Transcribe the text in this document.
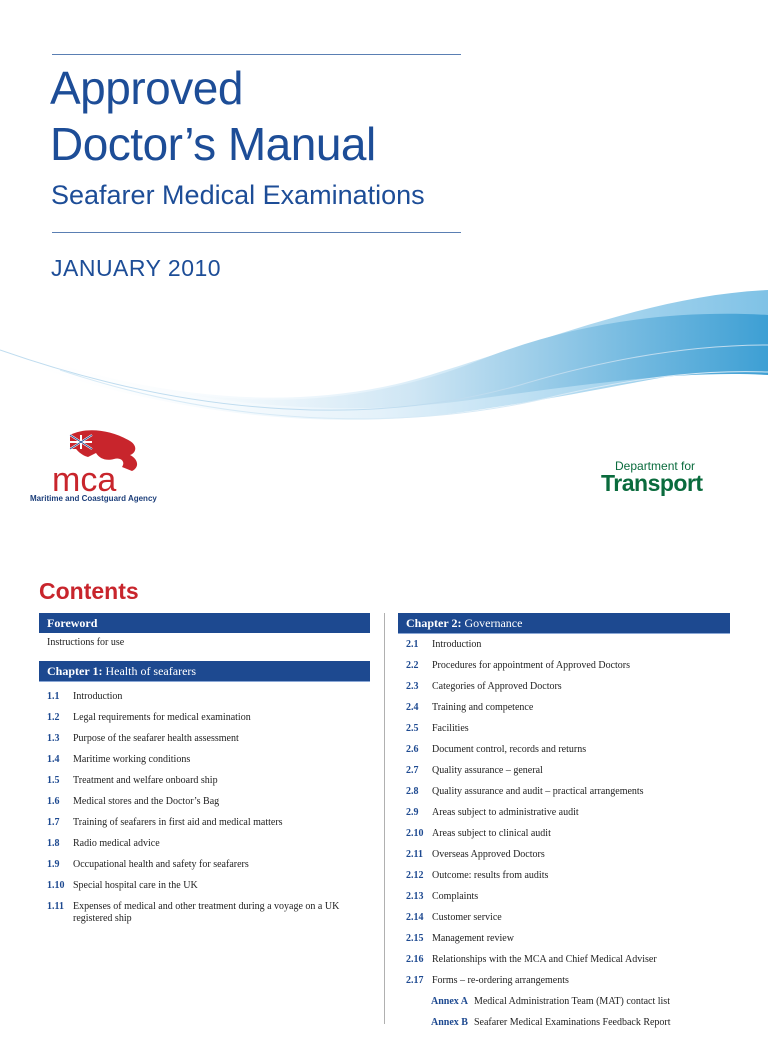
Approved
Doctor’s Manual
Seafarer Medical Examinations
JANUARY 2010
mca
Maritime and Coastguard Agency
Department for
Transport
Contents
Foreword
Instructions for use
Chapter 1: Health of seafarers
1.1	Introduction
1.2	Legal requirements for medical examination
1.3	Purpose of the seafarer health assessment
1.4	Maritime working conditions
1.5	Treatment and welfare onboard ship
1.6	Medical stores and the Doctor’s Bag
1.7	Training of seafarers in first aid and medical matters
1.8	Radio medical advice
1.9	Occupational health and safety for seafarers
1.10 Special hospital care in the UK
1.11 Expenses of medical and other treatment during a voyage on a UK registered ship
Chapter 2: Governance
2.1	Introduction
2.2	Procedures for appointment of Approved Doctors
2.3	Categories of Approved Doctors
2.4	Training and competence
2.5	Facilities
2.6	Document control, records and returns
2.7	Quality assurance – general
2.8	Quality assurance and audit – practical arrangements
2.9	Areas subject to administrative audit
2.10 Areas subject to clinical audit
2.11 Overseas Approved Doctors
2.12 Outcome: results from audits
2.13 Complaints
2.14 Customer service
2.15 Management review
2.16 Relationships with the MCA and Chief Medical Adviser
2.17 Forms – re-ordering arrangements
Annex A Medical Administration Team (MAT) contact list
Annex B Seafarer Medical Examinations Feedback Report
